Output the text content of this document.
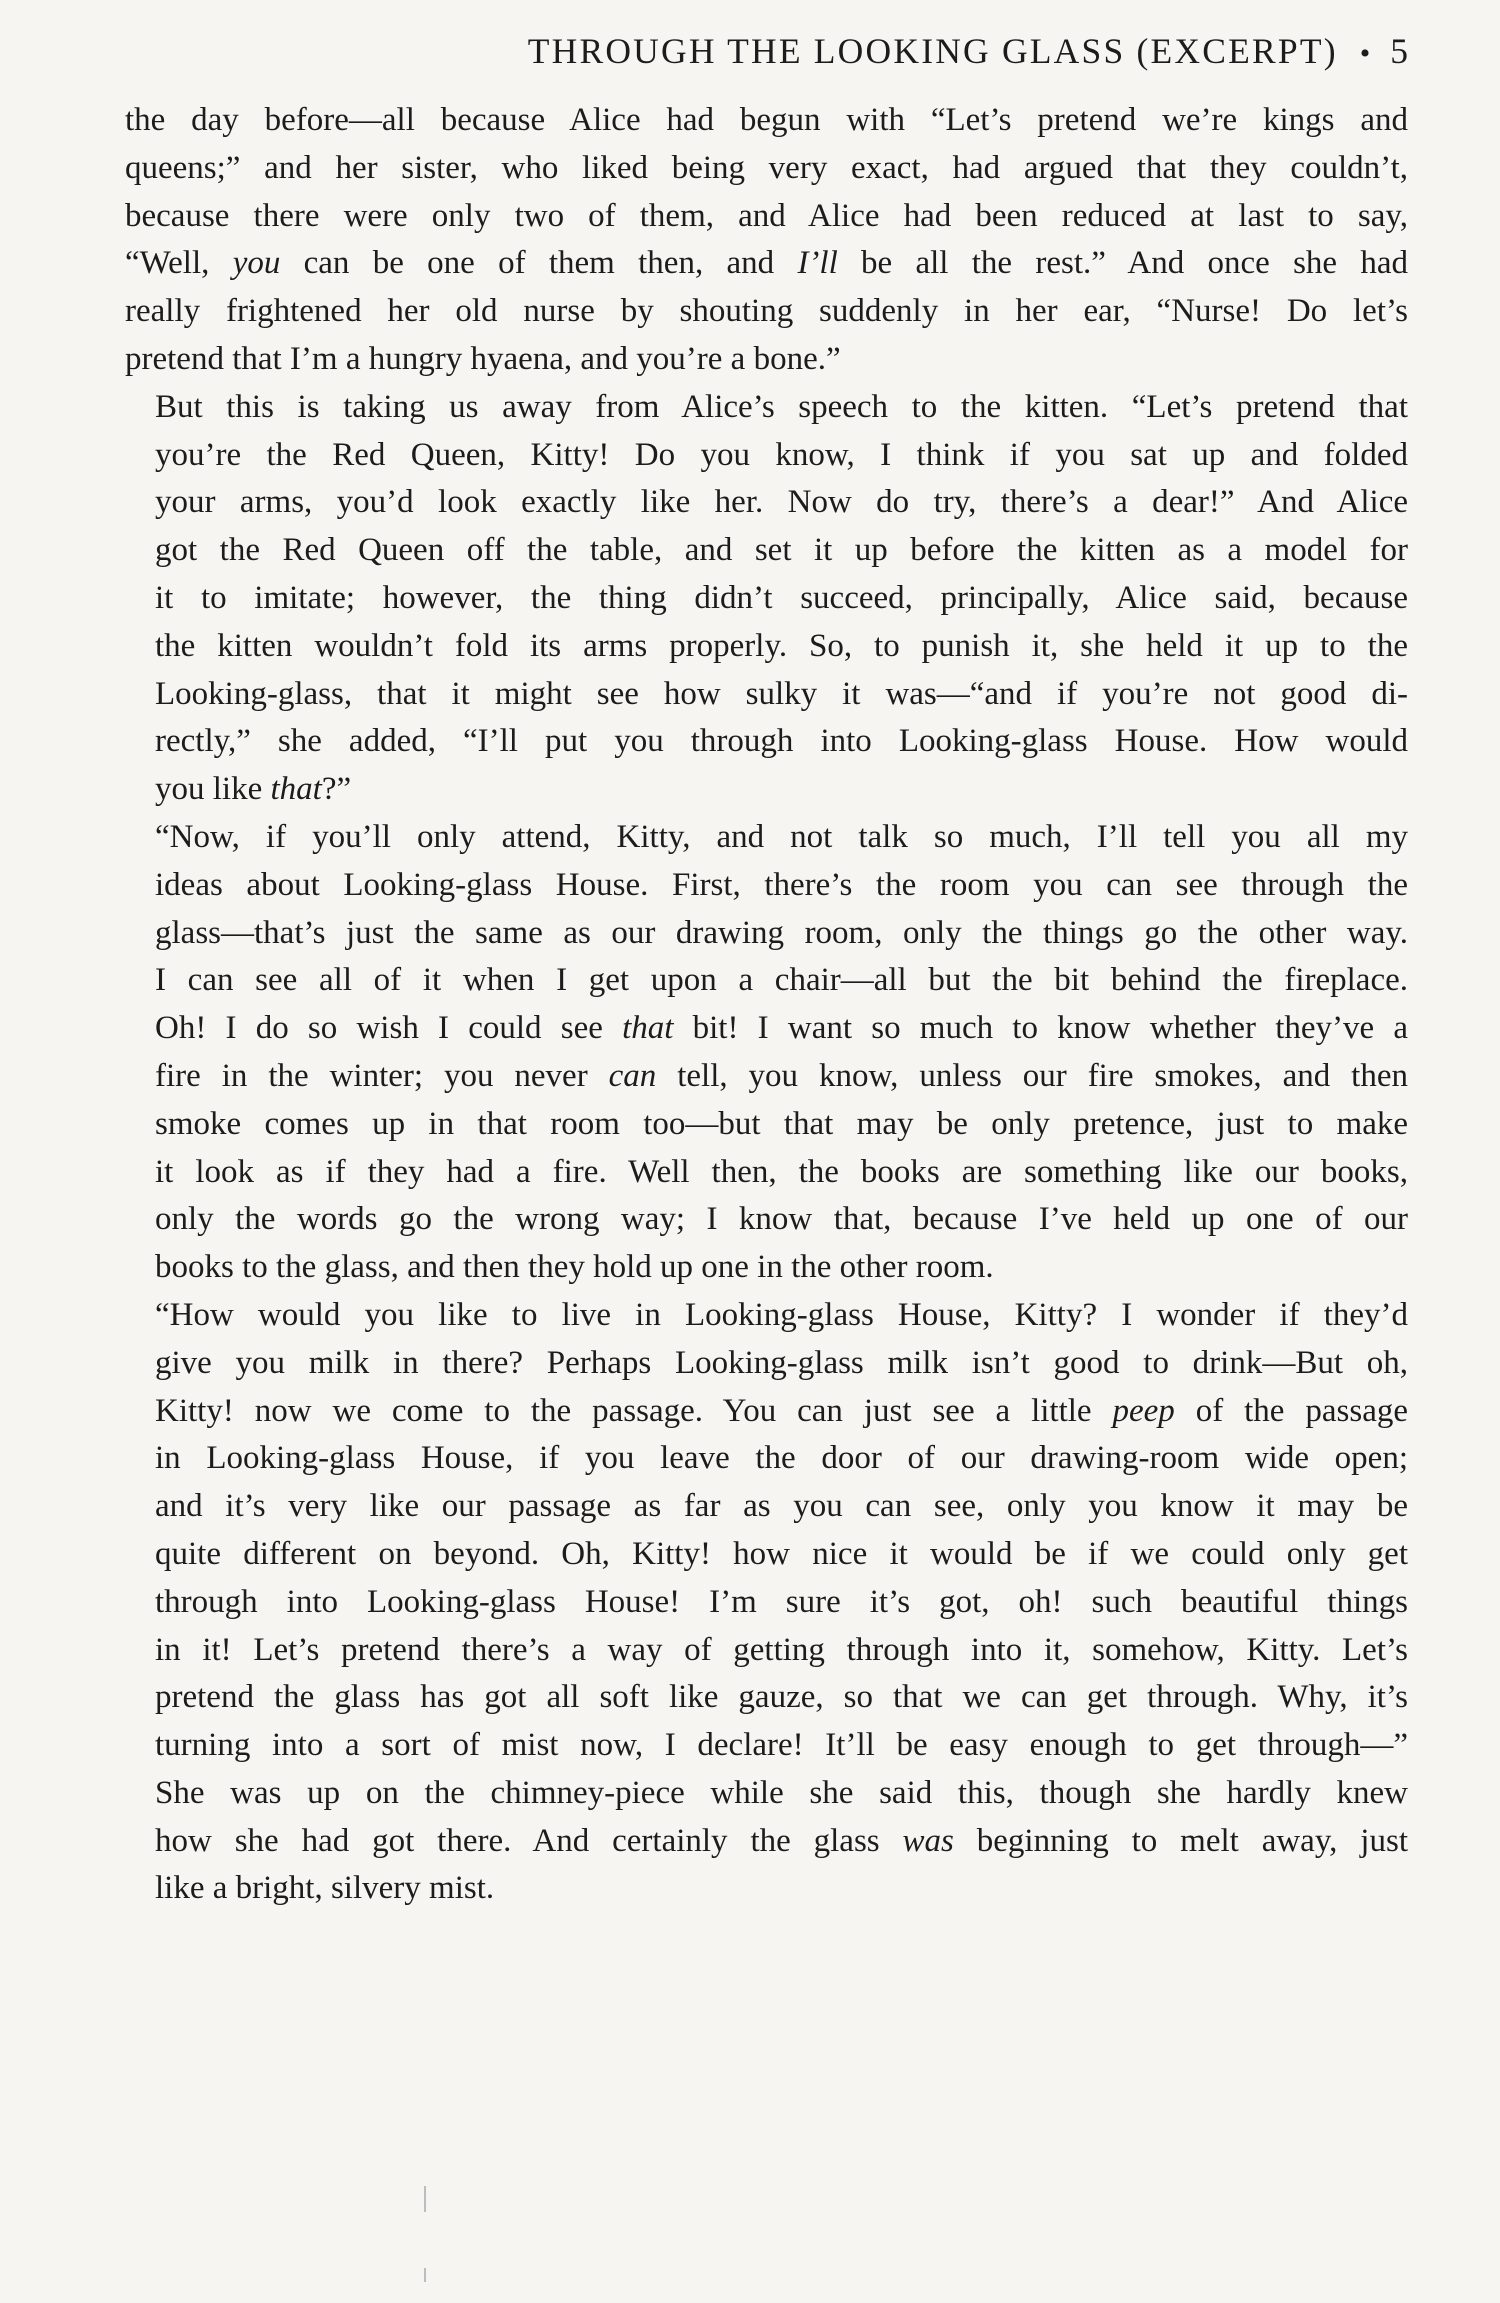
THROUGH THE LOOKING GLASS (EXCERPT) • 5

the day before—all because Alice had begun with “Let’s pretend we’re kings and
queens;” and her sister, who liked being very exact, had argued that they couldn’t,
because there were only two of them, and Alice had been reduced at last to say,
“Well, you can be one of them then, and I’ll be all the rest.” And once she had
really frightened her old nurse by shouting suddenly in her ear, “Nurse! Do let’s
pretend that I’m a hungry hyaena, and you’re a bone.”

But this is taking us away from Alice’s speech to the kitten. “Let’s pretend that
you’re the Red Queen, Kitty! Do you know, I think if you sat up and folded
your arms, you’d look exactly like her. Now do try, there’s a dear!” And Alice
got the Red Queen off the table, and set it up before the kitten as a model for
it to imitate; however, the thing didn’t succeed, principally, Alice said, because
the kitten wouldn’t fold its arms properly. So, to punish it, she held it up to the
Looking-glass, that it might see how sulky it was—“and if you’re not good di-
rectly,” she added, “I’ll put you through into Looking-glass House. How would
you like that?”

“Now, if you’ll only attend, Kitty, and not talk so much, I’ll tell you all my
ideas about Looking-glass House. First, there’s the room you can see through the
glass—that’s just the same as our drawing room, only the things go the other way.
I can see all of it when I get upon a chair—all but the bit behind the fireplace.
Oh! I do so wish I could see that bit! I want so much to know whether they’ve a
fire in the winter; you never can tell, you know, unless our fire smokes, and then
smoke comes up in that room too—but that may be only pretence, just to make
it look as if they had a fire. Well then, the books are something like our books,
only the words go the wrong way; I know that, because I’ve held up one of our
books to the glass, and then they hold up one in the other room.

“How would you like to live in Looking-glass House, Kitty? I wonder if they’d
give you milk in there? Perhaps Looking-glass milk isn’t good to drink—But oh,
Kitty! now we come to the passage. You can just see a little peep of the passage
in Looking-glass House, if you leave the door of our drawing-room wide open;
and it’s very like our passage as far as you can see, only you know it may be
quite different on beyond. Oh, Kitty! how nice it would be if we could only get
through into Looking-glass House! I’m sure it’s got, oh! such beautiful things
in it! Let’s pretend there’s a way of getting through into it, somehow, Kitty. Let’s
pretend the glass has got all soft like gauze, so that we can get through. Why, it’s
turning into a sort of mist now, I declare! It’ll be easy enough to get through—”
She was up on the chimney-piece while she said this, though she hardly knew
how she had got there. And certainly the glass was beginning to melt away, just
like a bright, silvery mist.
